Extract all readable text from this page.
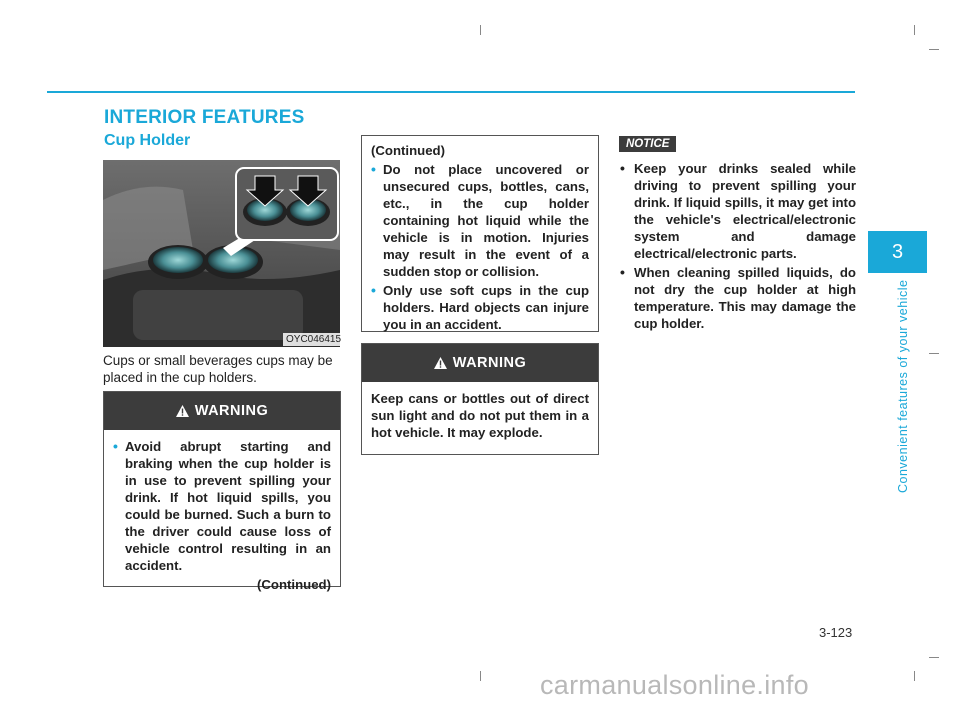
INTERIOR FEATURES
Cup Holder
OYC046415
Cups or small beverages cups may be placed in the cup holders.
WARNING
• Avoid abrupt starting and braking when the cup holder is in use to prevent spilling your drink. If hot liquid spills, you could be burned. Such a burn to the driver could cause loss of vehicle control resulting in an accident.
(Continued)
(Continued)
• Do not place uncovered or unsecured cups, bottles, cans, etc., in the cup holder containing hot liquid while the vehicle is in motion. Injuries may result in the event of a sudden stop or collision.
• Only use soft cups in the cup holders. Hard objects can injure you in an accident.
WARNING
Keep cans or bottles out of direct sun light and do not put them in a hot vehicle. It may explode.
NOTICE
• Keep your drinks sealed while driving to prevent spilling your drink. If liquid spills, it may get into the vehicle's electrical/electronic system and damage electrical/electronic parts.
• When cleaning spilled liquids, do not dry the cup holder at high temperature. This may damage the cup holder.
3
Convenient features of your vehicle
3-123
carmanualsonline.info
